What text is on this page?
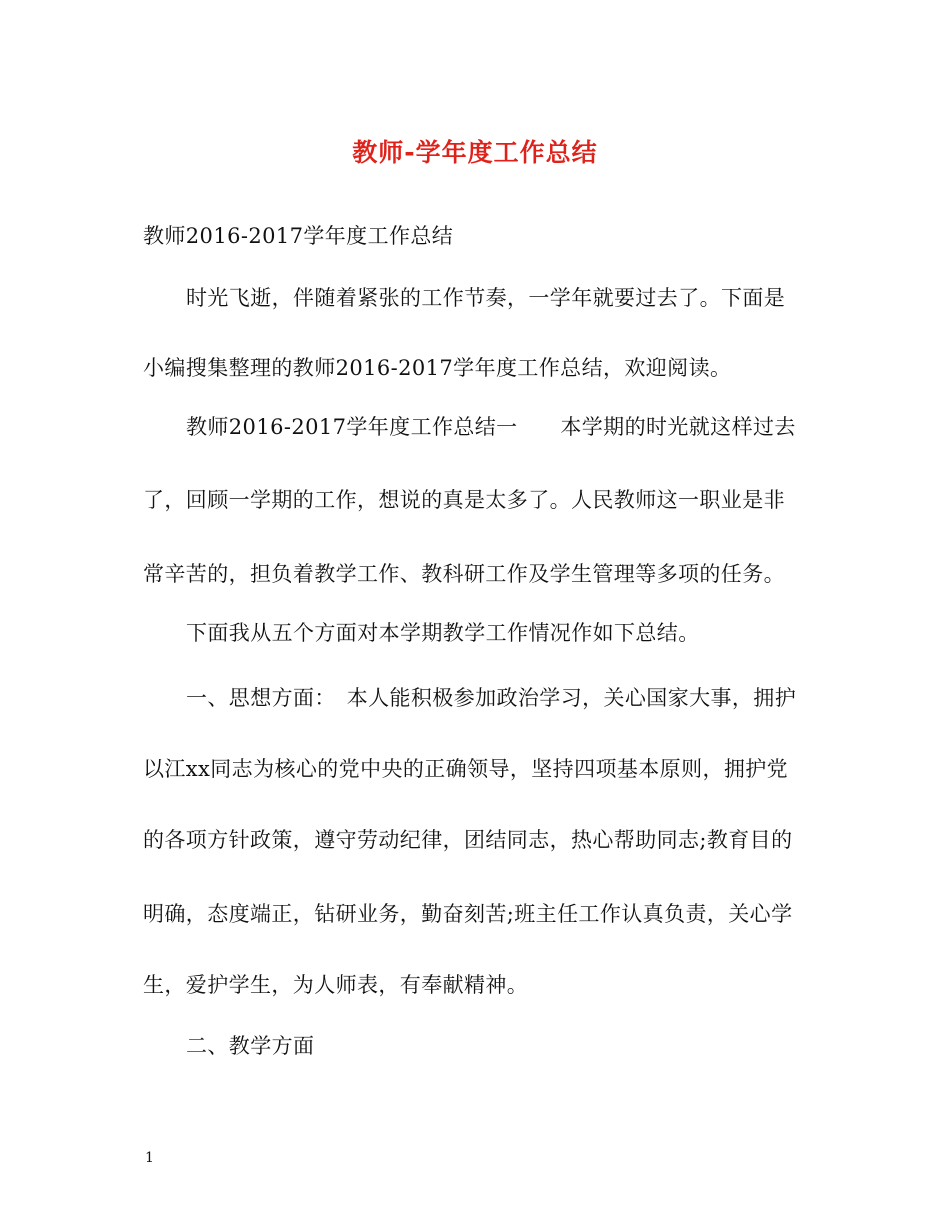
教师-学年度工作总结
教师2016-2017学年度工作总结
时光飞逝，伴随着紧张的工作节奏，一学年就要过去了。下面是
小编搜集整理的教师2016-2017学年度工作总结，欢迎阅读。
教师2016-2017学年度工作总结一　　本学期的时光就这样过去
了，回顾一学期的工作，想说的真是太多了。人民教师这一职业是非
常辛苦的，担负着教学工作、教科研工作及学生管理等多项的任务。
下面我从五个方面对本学期教学工作情况作如下总结。
一、思想方面：　本人能积极参加政治学习，关心国家大事，拥护
以江xx同志为核心的党中央的正确领导，坚持四项基本原则，拥护党
的各项方针政策，遵守劳动纪律，团结同志，热心帮助同志;教育目的
明确，态度端正，钻研业务，勤奋刻苦;班主任工作认真负责，关心学
生，爱护学生，为人师表，有奉献精神。
二、教学方面
1
